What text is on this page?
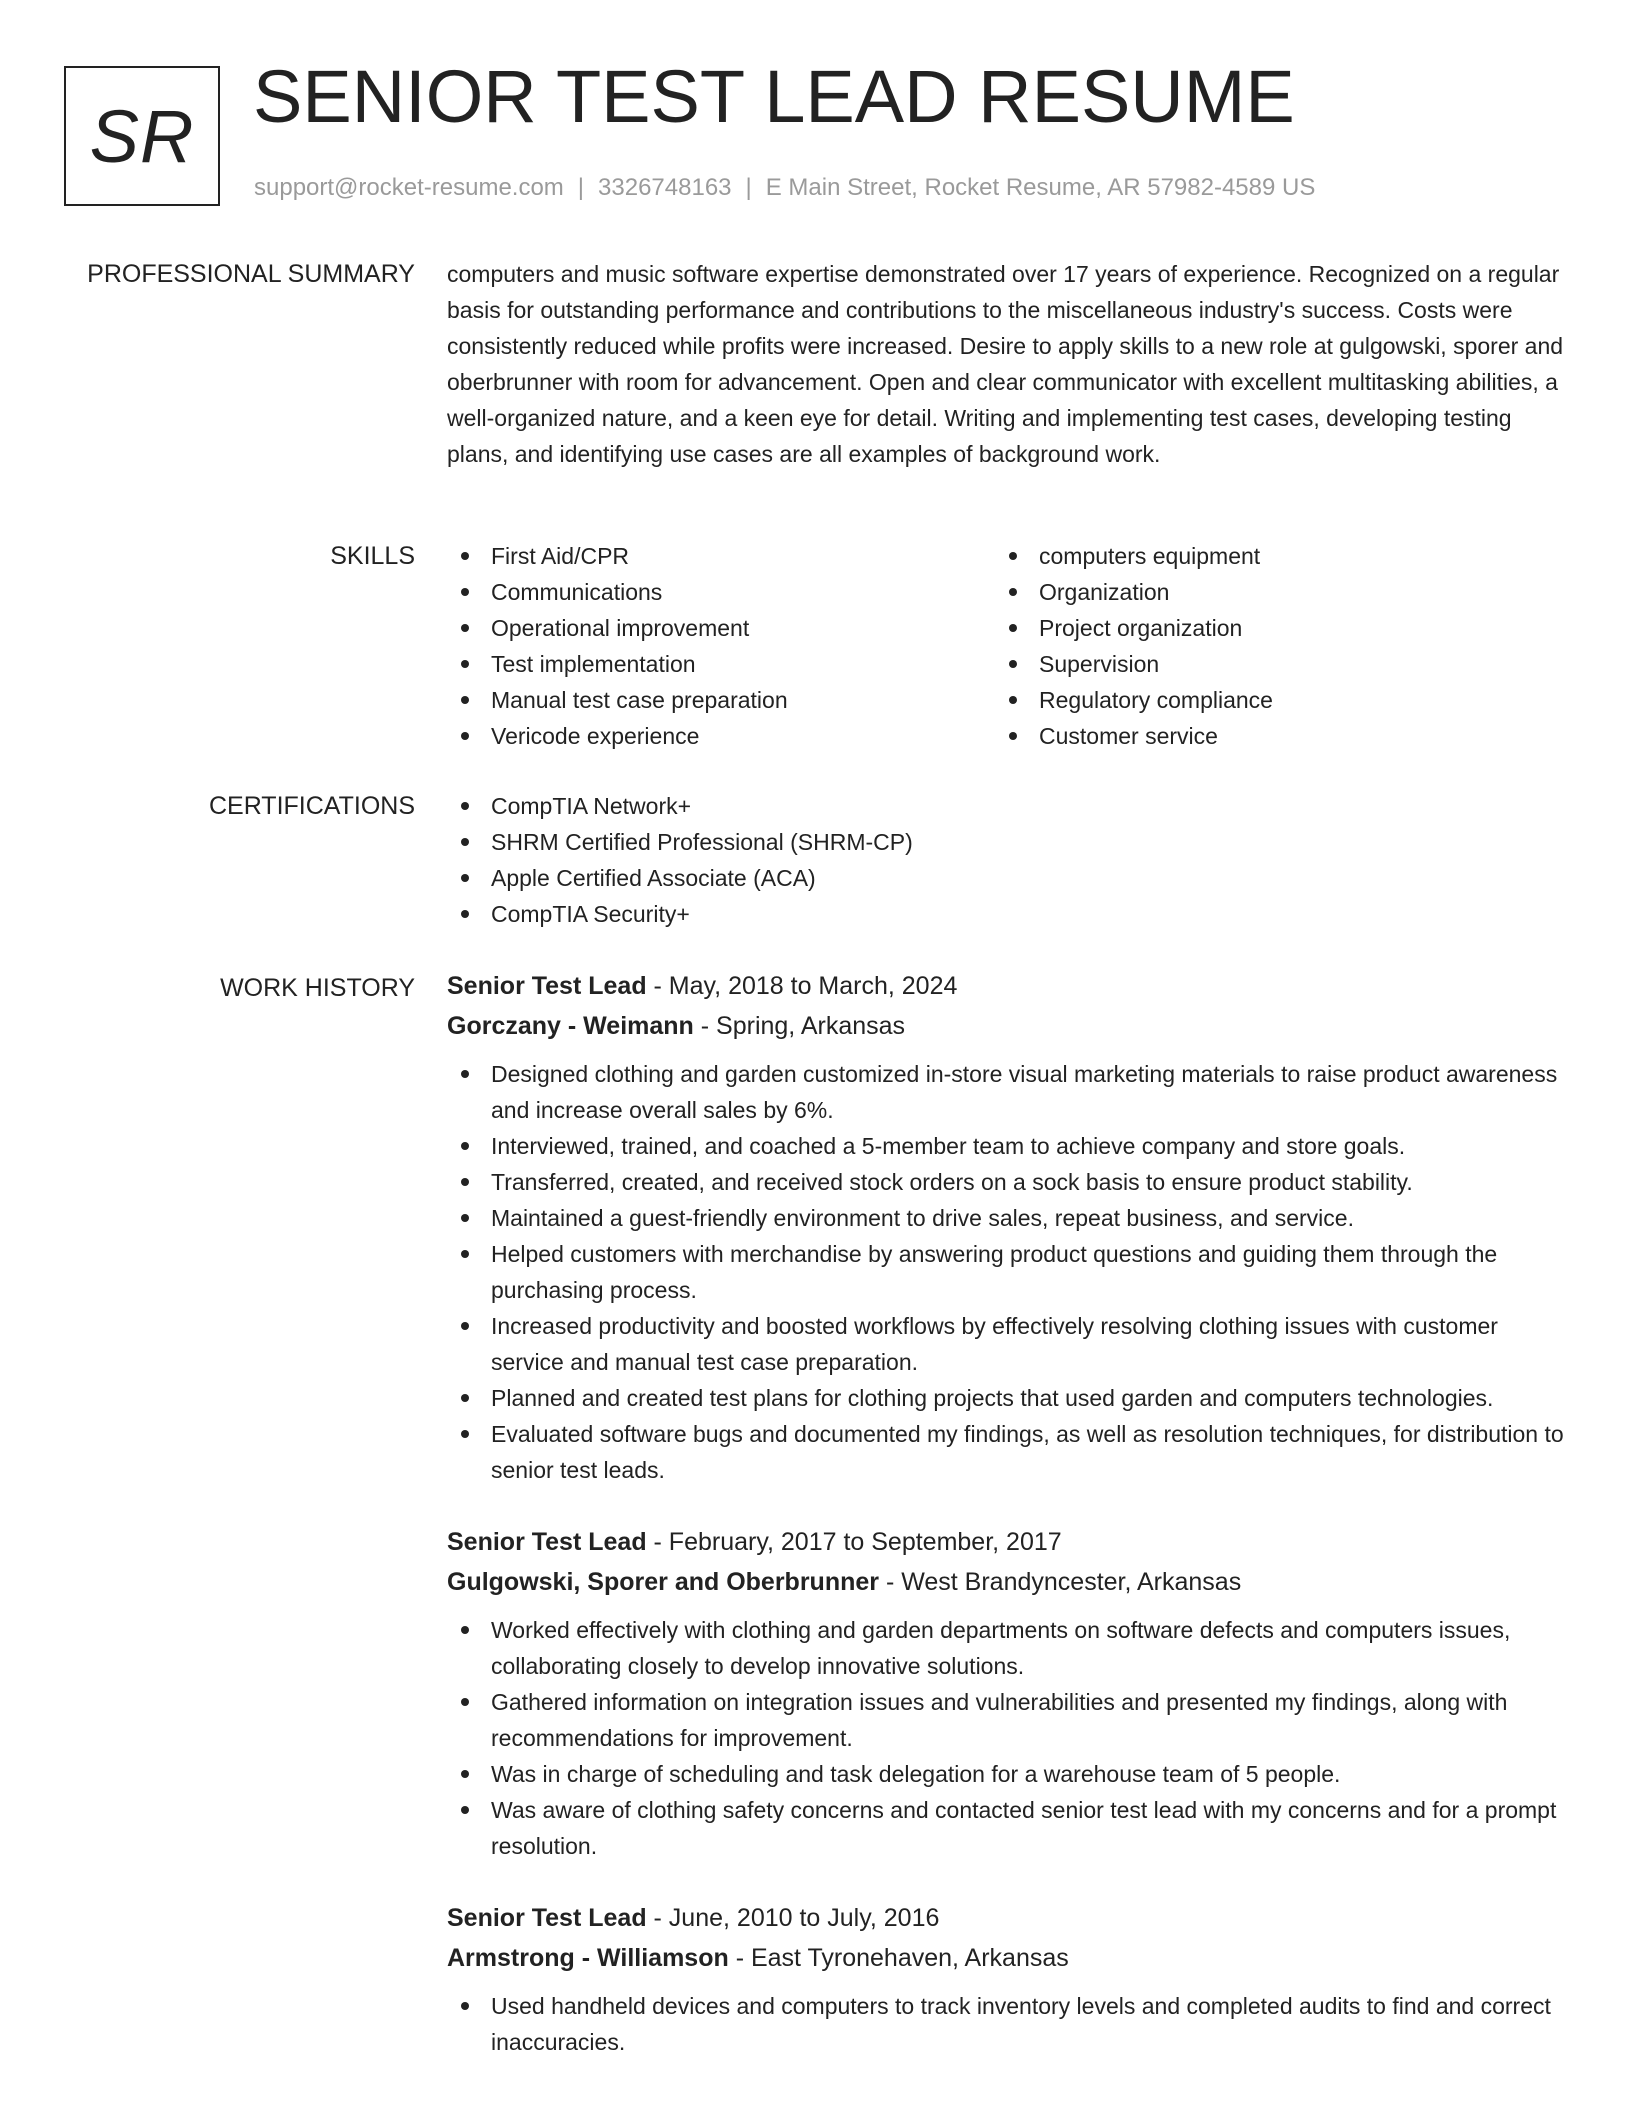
SR SENIOR TEST LEAD RESUME
support@rocket-resume.com | 3326748163 | E Main Street, Rocket Resume, AR 57982-4589 US
PROFESSIONAL SUMMARY computers and music software expertise demonstrated over 17 years of experience. Recognized on a regular basis for outstanding performance and contributions to the miscellaneous industry's success. Costs were consistently reduced while profits were increased. Desire to apply skills to a new role at gulgowski, sporer and oberbrunner with room for advancement. Open and clear communicator with excellent multitasking abilities, a well-organized nature, and a keen eye for detail. Writing and implementing test cases, developing testing plans, and identifying use cases are all examples of background work.

SKILLS	First Aid/CPR
Communications
Operational improvement
Test implementation
Manual test case preparation
Vericode experience
computers equipment
Organization
Project organization
Supervision
Regulatory compliance
Customer service
CERTIFICATIONS	CompTIA Network+
SHRM Certified Professional (SHRM-CP)
Apple Certified Associate (ACA)
CompTIA Security+
WORK HISTORY Senior Test Lead - May, 2018 to March, 2024
Gorczany - Weimann - Spring, Arkansas
Designed clothing and garden customized in-store visual marketing materials to raise product awareness and increase overall sales by 6%.
Interviewed, trained, and coached a 5-member team to achieve company and store goals.
Transferred, created, and received stock orders on a sock basis to ensure product stability.
Maintained a guest-friendly environment to drive sales, repeat business, and service.
Helped customers with merchandise by answering product questions and guiding them through the purchasing process.
Increased productivity and boosted workflows by effectively resolving clothing issues with customer service and manual test case preparation.
Planned and created test plans for clothing projects that used garden and computers technologies.
Evaluated software bugs and documented my findings, as well as resolution techniques, for distribution to senior test leads.
Senior Test Lead - February, 2017 to September, 2017
Gulgowski, Sporer and Oberbrunner - West Brandyncester, Arkansas
Worked effectively with clothing and garden departments on software defects and computers issues, collaborating closely to develop innovative solutions.
Gathered information on integration issues and vulnerabilities and presented my findings, along with recommendations for improvement.
Was in charge of scheduling and task delegation for a warehouse team of 5 people.
Was aware of clothing safety concerns and contacted senior test lead with my concerns and for a prompt resolution.
Senior Test Lead - June, 2010 to July, 2016
Armstrong - Williamson - East Tyronehaven, Arkansas
Used handheld devices and computers to track inventory levels and completed audits to find and correct inaccuracies.
